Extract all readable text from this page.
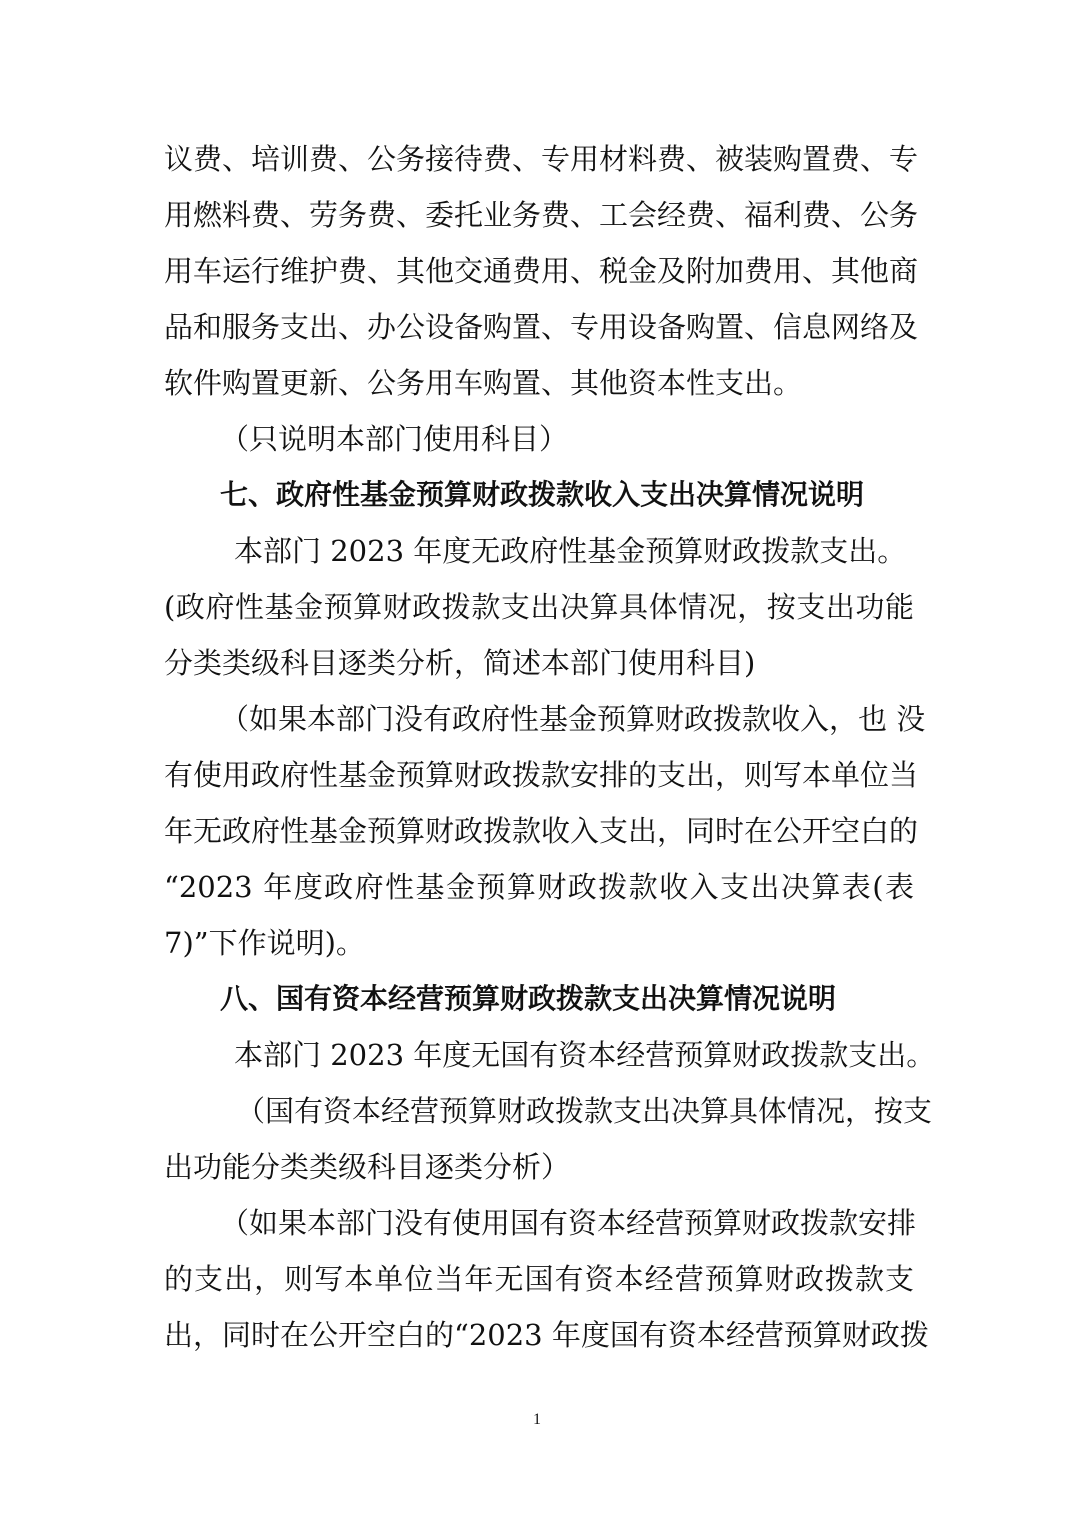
议费、培训费、公务接待费、专用材料费、被装购置费、专
用燃料费、劳务费、委托业务费、工会经费、福利费、公务
用车运行维护费、其他交通费用、税金及附加费用、其他商
品和服务支出、办公设备购置、专用设备购置、信息网络及
软件购置更新、公务用车购置、其他资本性支出。
（只说明本部门使用科目）
七、政府性基金预算财政拨款收入支出决算情况说明
本部门 2023 年度无政府性基金预算财政拨款支出。
(政府性基金预算财政拨款支出决算具体情况，按支出功能
分类类级科目逐类分析，简述本部门使用科目)
（如果本部门没有政府性基金预算财政拨款收入，也 没
有使用政府性基金预算财政拨款安排的支出，则写本单位当
年无政府性基金预算财政拨款收入支出，同时在公开空白的
“2023 年度政府性基金预算财政拨款收入支出决算表(表
7)”下作说明)。
八、国有资本经营预算财政拨款支出决算情况说明
本部门 2023 年度无国有资本经营预算财政拨款支出。
（国有资本经营预算财政拨款支出决算具体情况，按支
出功能分类类级科目逐类分析）
（如果本部门没有使用国有资本经营预算财政拨款安排
的支出，则写本单位当年无国有资本经营预算财政拨款支
出，同时在公开空白的“2023 年度国有资本经营预算财政拨
1
